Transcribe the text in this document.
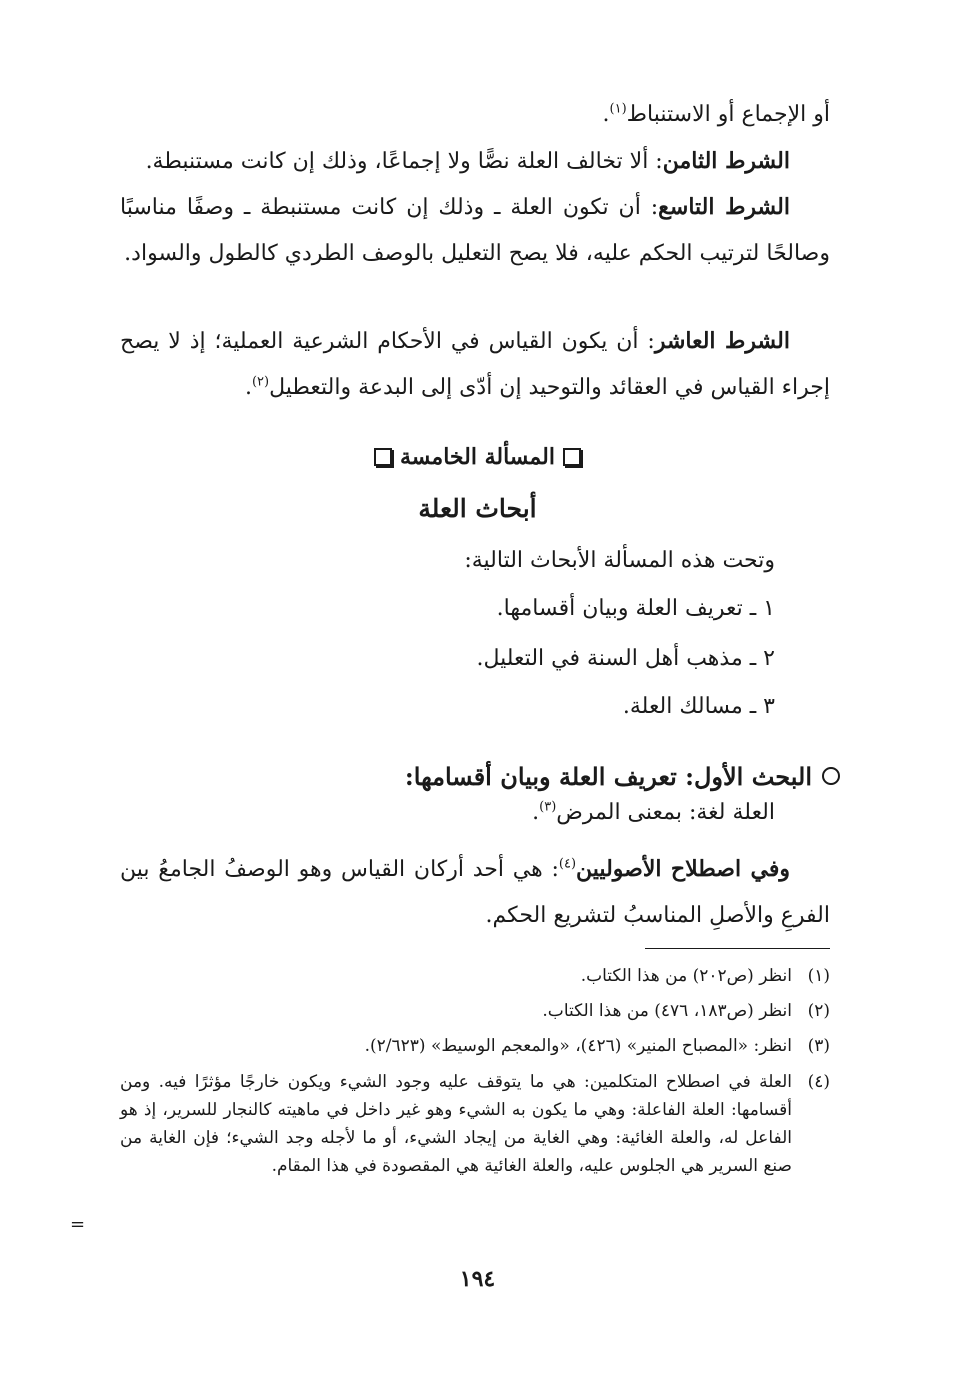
أو الإجماع أو الاستنباط$^{(١)}$.
الشرط الثامن: ألا تخالف العلة نصًّا ولا إجماعًا، وذلك إن كانت مستنبطة.
الشرط التاسع: أن تكون العلة ـ وذلك إن كانت مستنبطة ـ وصفًا مناسبًا وصالحًا لترتيب الحكم عليه، فلا يصح التعليل بالوصف الطردي كالطول والسواد.
الشرط العاشر: أن يكون القياس في الأحكام الشرعية العملية؛ إذ لا يصح إجراء القياس في العقائد والتوحيد إن أدّى إلى البدعة والتعطيل$^{(٢)}$.
المسألة الخامسة
أبحاث العلة
وتحت هذه المسألة الأبحاث التالية:
١ ـ تعريف العلة وبيان أقسامها.
٢ ـ مذهب أهل السنة في التعليل.
٣ ـ مسالك العلة.
البحث الأول: تعريف العلة وبيان أقسامها:
العلة لغة: بمعنى المرض$^{(٣)}$.
وفي اصطلاح الأصوليين$^{(٤)}$: هي أحد أركان القياس وهو الوصفُ الجامعُ بين الفرعِ والأصلِ المناسبُ لتشريع الحكم.
(١)انظر (ص٢٠٢) من هذا الكتاب.
(٢)انظر (ص١٨٣، ٤٧٦) من هذا الكتاب.
(٣)انظر: «المصباح المنير» (٤٢٦)، «والمعجم الوسيط» (٢/٦٢٣).
(٤)
العلة في اصطلاح المتكلمين: هي ما يتوقف عليه وجود الشيء ويكون خارجًا مؤثرًا فيه. ومن أقسامها: العلة الفاعلة: وهي ما يكون به الشيء وهو غير داخل في ماهيته كالنجار للسرير، إذ هو الفاعل له، والعلة الغائية: وهي الغاية من إيجاد الشيء، أو ما لأجله وجد الشيء؛ فإن الغاية من صنع السرير هي الجلوس عليه، والعلة الغائية هي المقصودة في هذا المقام.
=
١٩٤
